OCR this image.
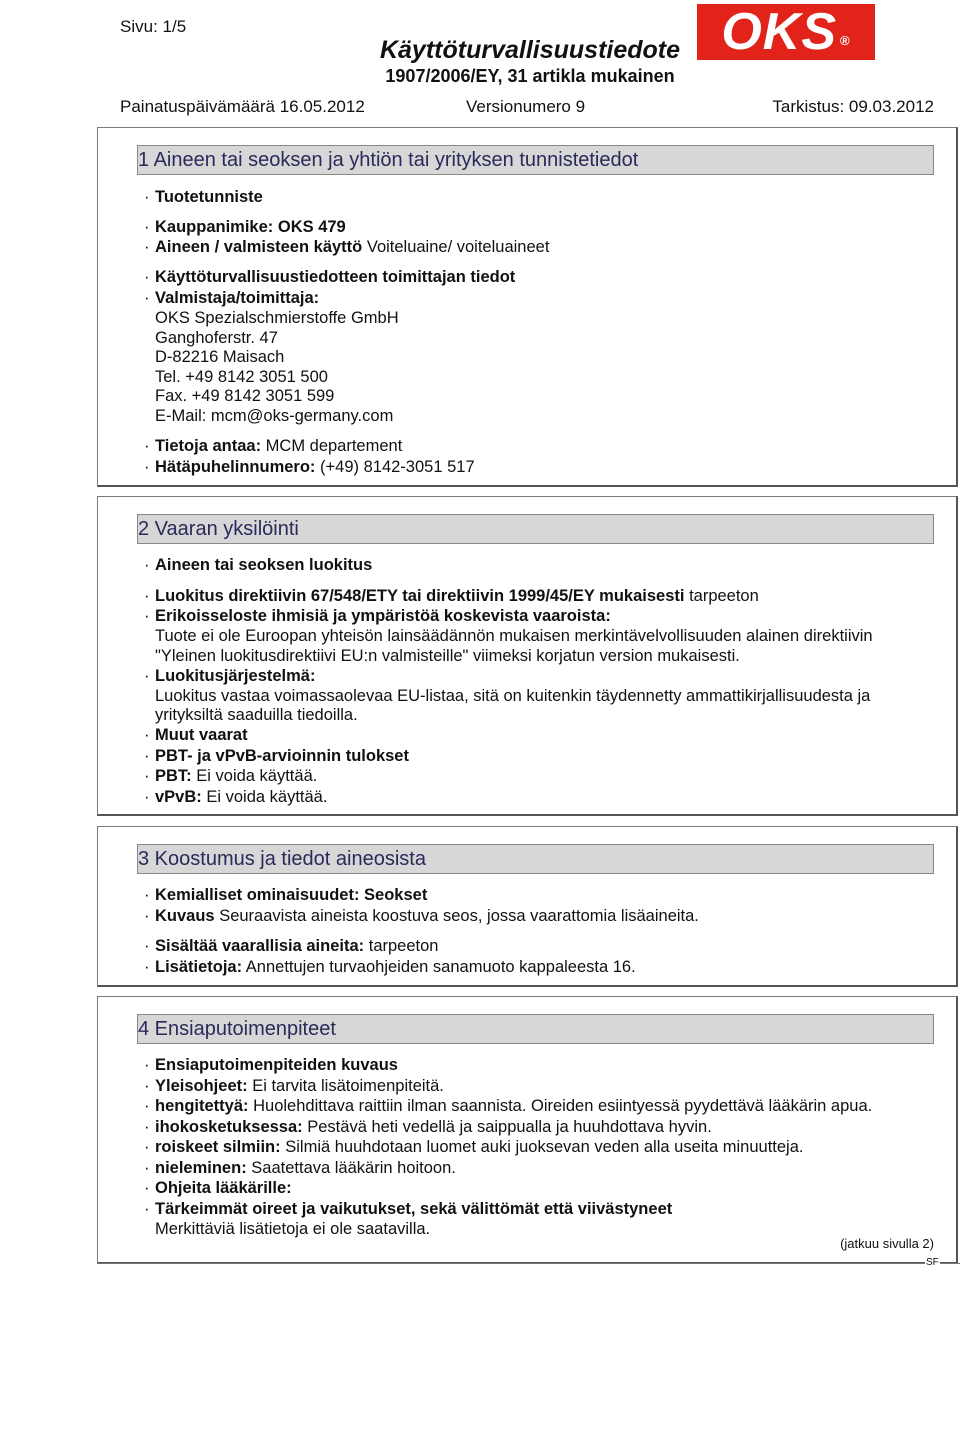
Sivu: 1/5
Käyttöturvallisuustiedote
1907/2006/EY, 31 artikla mukainen
OKS ®
Painatuspäivämäärä 16.05.2012	Versionumero 9	Tarkistus: 09.03.2012
1 Aineen tai seoksen ja yhtiön tai yrityksen tunnistetiedot
· Tuotetunniste
· Kauppanimike: OKS 479
· Aineen / valmisteen käyttö Voiteluaine/ voiteluaineet
· Käyttöturvallisuustiedotteen toimittajan tiedot
· Valmistaja/toimittaja:
OKS Spezialschmierstoffe GmbH
Ganghoferstr. 47
D-82216 Maisach
Tel. +49 8142 3051 500
Fax. +49 8142 3051 599
E-Mail: mcm@oks-germany.com
· Tietoja antaa: MCM departement
· Hätäpuhelinnumero: (+49) 8142-3051 517
2 Vaaran yksilöinti
· Aineen tai seoksen luokitus
· Luokitus direktiivin 67/548/ETY tai direktiivin 1999/45/EY mukaisesti tarpeeton
· Erikoisseloste ihmisiä ja ympäristöä koskevista vaaroista:
Tuote ei ole Euroopan yhteisön lainsäädännön mukaisen merkintävelvollisuuden alainen direktiivin
"Yleinen luokitusdirektiivi EU:n valmisteille" viimeksi korjatun version mukaisesti.
· Luokitusjärjestelmä:
Luokitus vastaa voimassaolevaa EU-listaa, sitä on kuitenkin täydennetty ammattikirjallisuudesta ja
yrityksiltä saaduilla tiedoilla.
· Muut vaarat
· PBT- ja vPvB-arvioinnin tulokset
· PBT: Ei voida käyttää.
· vPvB: Ei voida käyttää.
3 Koostumus ja tiedot aineosista
· Kemialliset ominaisuudet: Seokset
· Kuvaus Seuraavista aineista koostuva seos, jossa vaarattomia lisäaineita.
· Sisältää vaarallisia aineita: tarpeeton
· Lisätietoja: Annettujen turvaohjeiden sanamuoto kappaleesta 16.
4 Ensiaputoimenpiteet
· Ensiaputoimenpiteiden kuvaus
· Yleisohjeet: Ei tarvita lisätoimenpiteitä.
· hengitettyä: Huolehdittava raittiin ilman saannista. Oireiden esiintyessä pyydettävä lääkärin apua.
· ihokosketuksessa: Pestävä heti vedellä ja saippualla ja huuhdottava hyvin.
· roiskeet silmiin: Silmiä huuhdotaan luomet auki juoksevan veden alla useita minuutteja.
· nieleminen: Saatettava lääkärin hoitoon.
· Ohjeita lääkärille:
· Tärkeimmät oireet ja vaikutukset, sekä välittömät että viivästyneet
Merkittäviä lisätietoja ei ole saatavilla.
(jatkuu sivulla 2)
SF
